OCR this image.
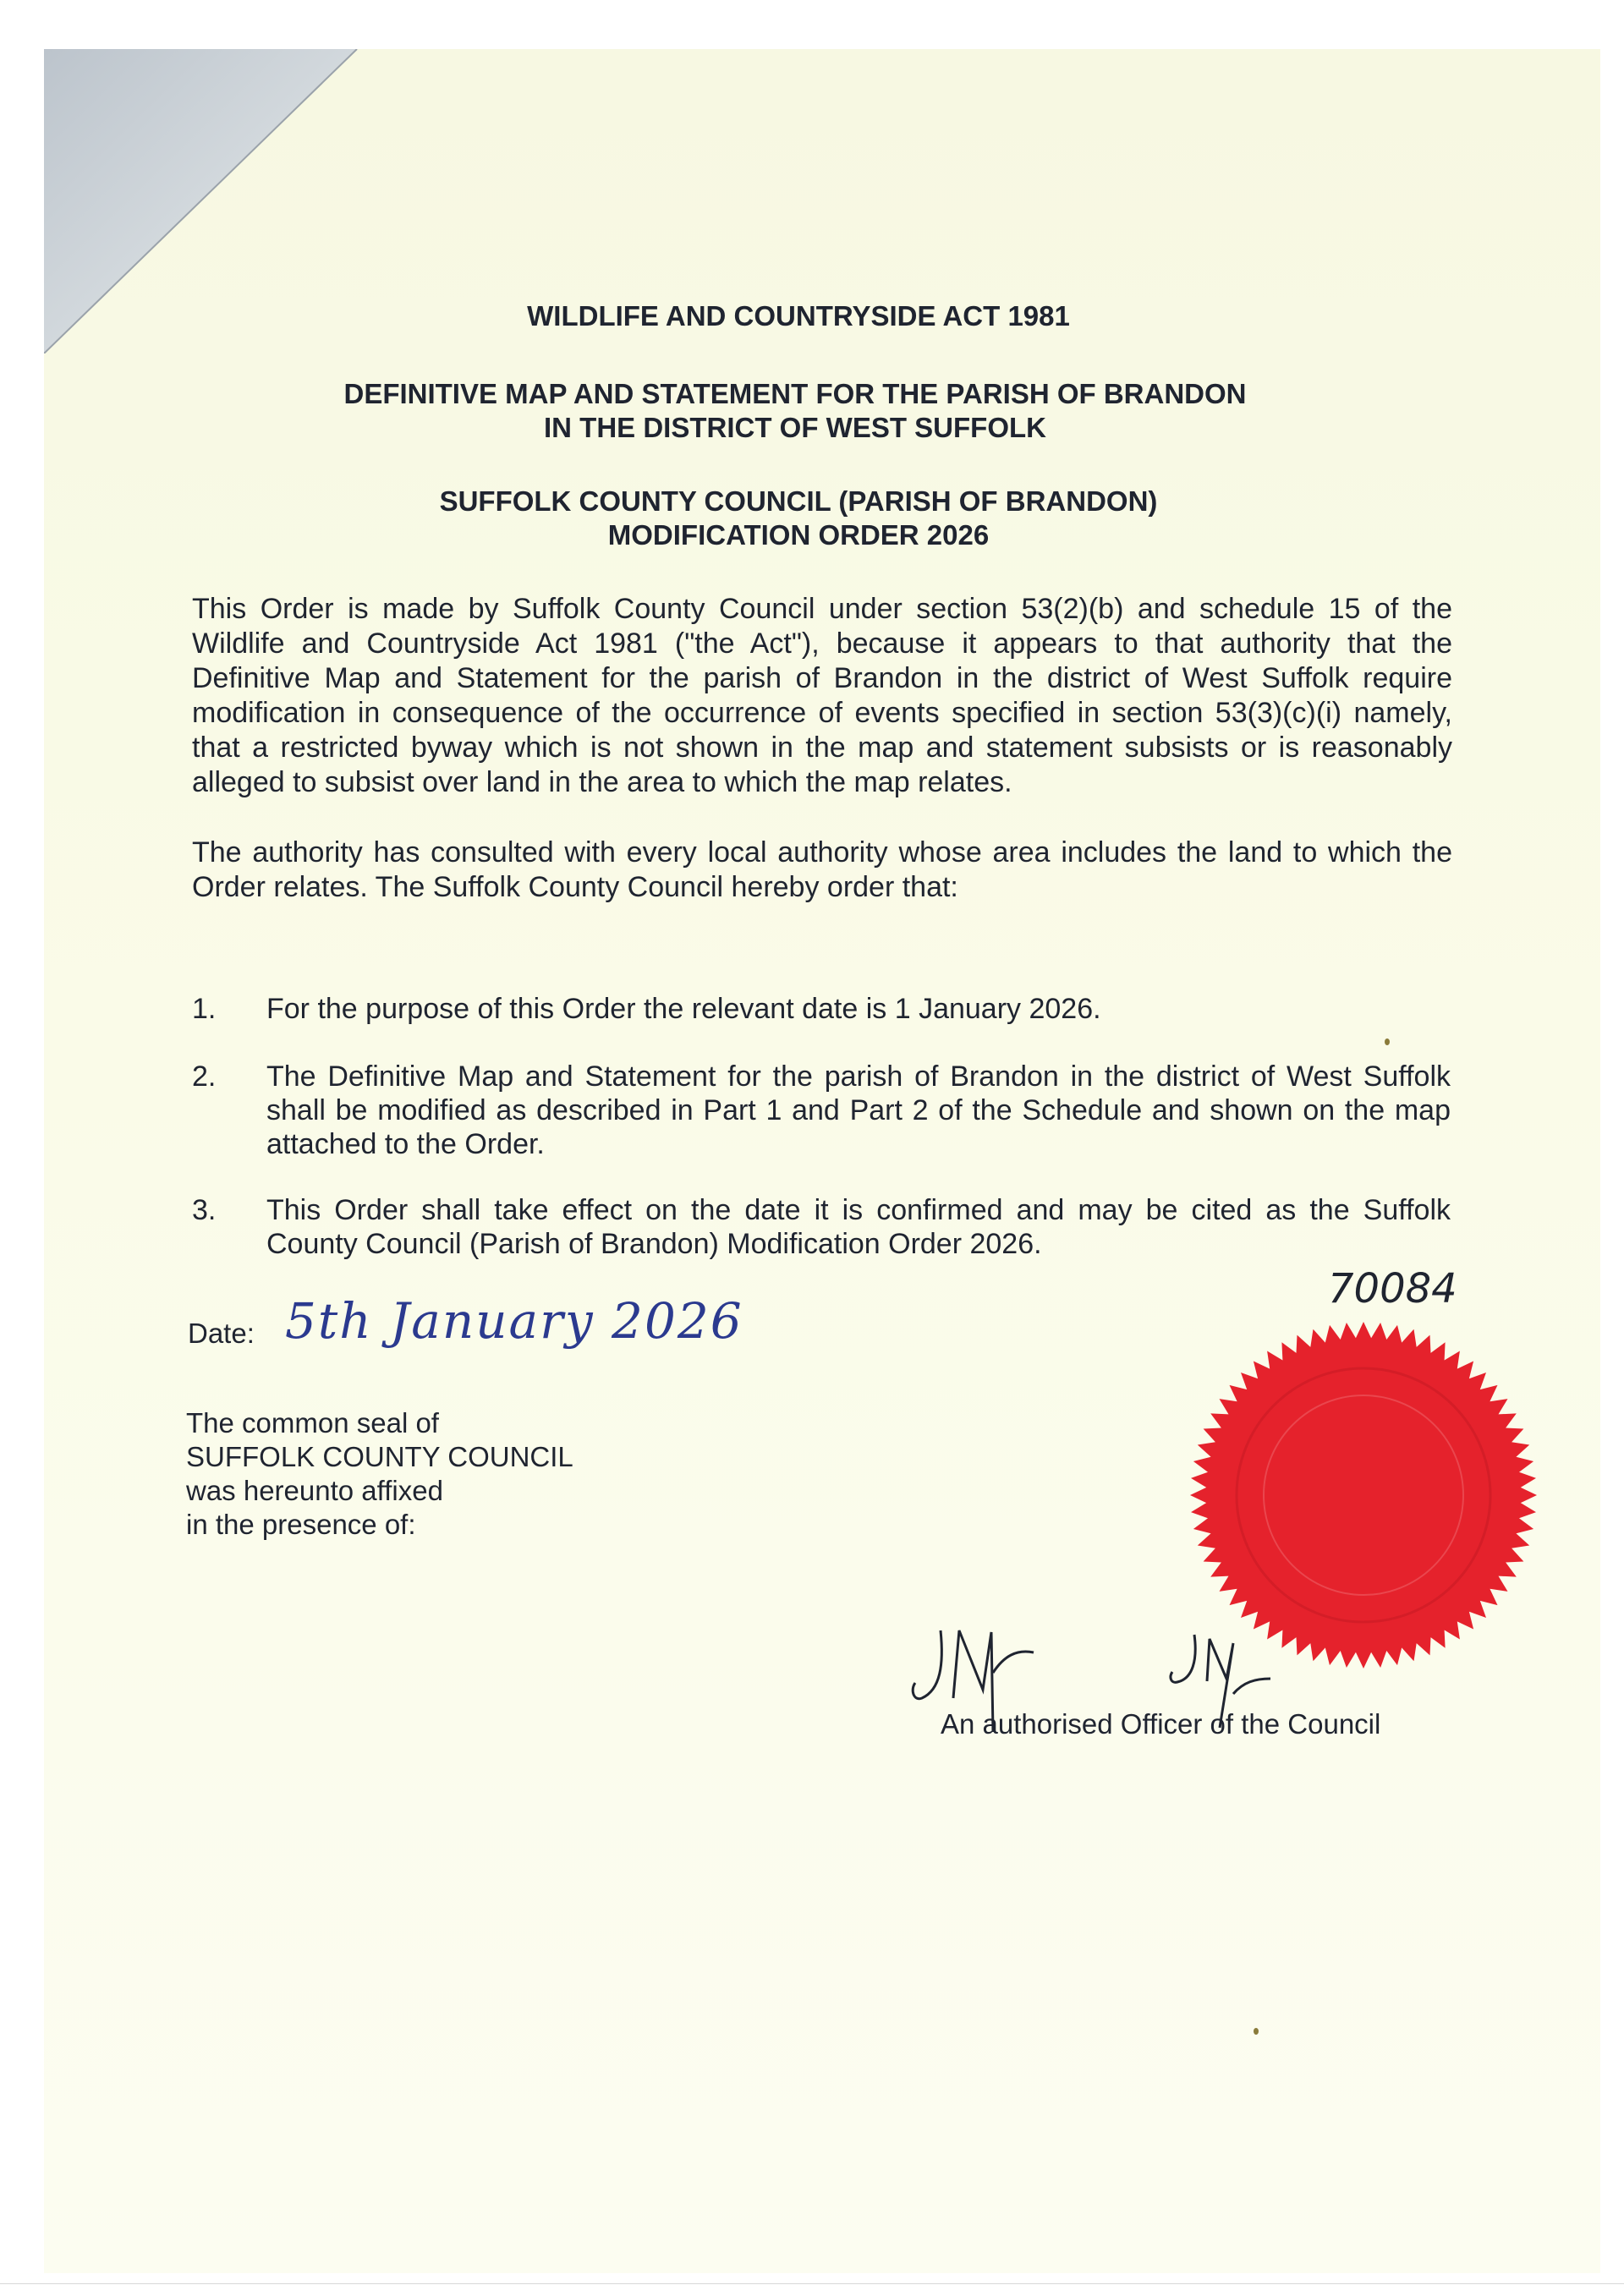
WILDLIFE AND COUNTRYSIDE ACT 1981
DEFINITIVE MAP AND STATEMENT FOR THE PARISH OF BRANDON
IN THE DISTRICT OF WEST SUFFOLK
SUFFOLK COUNTY COUNCIL (PARISH OF BRANDON)
MODIFICATION ORDER 2026
This Order is made by Suffolk County Council under section 53(2)(b) and schedule 15 of the Wildlife and Countryside Act 1981 ("the Act"), because it appears to that authority that the Definitive Map and Statement for the parish of Brandon in the district of West Suffolk require modification in consequence of the occurrence of events specified in section 53(3)(c)(i) namely, that a restricted byway which is not shown in the map and statement subsists or is reasonably alleged to subsist over land in the area to which the map relates.
The authority has consulted with every local authority whose area includes the land to which the Order relates. The Suffolk County Council hereby order that:
1.	For the purpose of this Order the relevant date is 1 January 2026.
2.	The Definitive Map and Statement for the parish of Brandon in the district of West Suffolk shall be modified as described in Part 1 and Part 2 of the Schedule and shown on the map attached to the Order.
3.	This Order shall take effect on the date it is confirmed and may be cited as the Suffolk County Council (Parish of Brandon) Modification Order 2026.
Date: 5th January 2026
The common seal of
SUFFOLK COUNTY COUNCIL
was hereunto affixed
in the presence of:
70084
An authorised Officer of the Council
